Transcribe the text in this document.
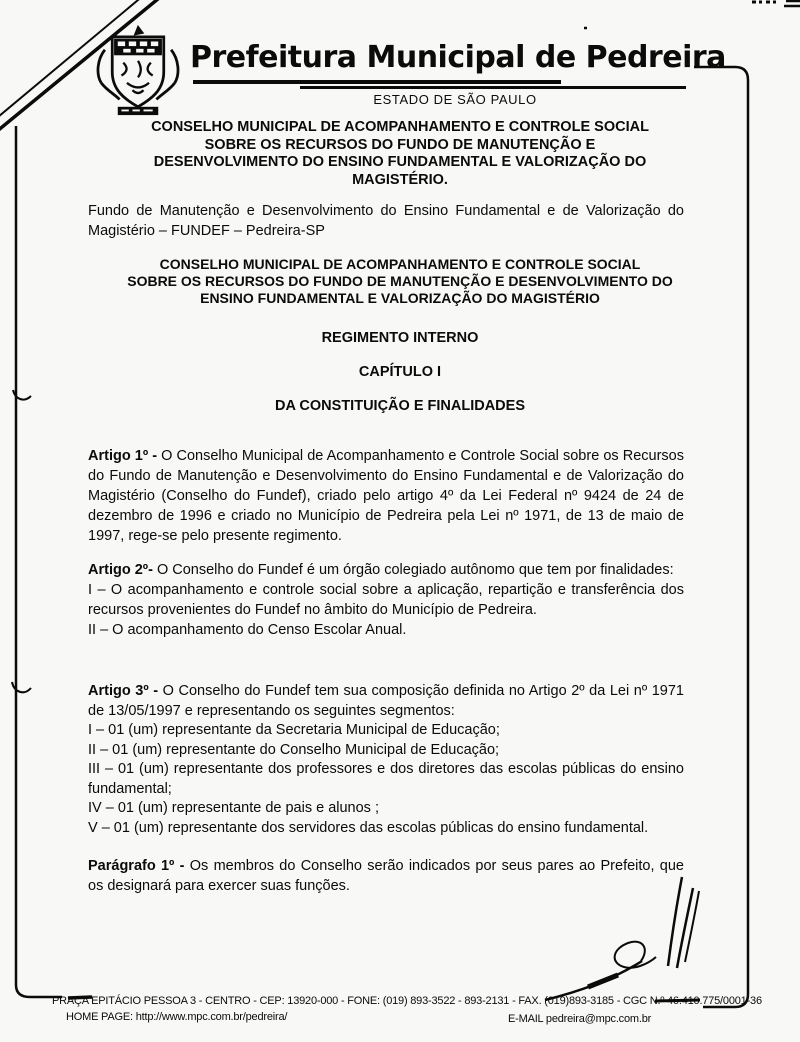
Prefeitura Municipal de Pedreira
ESTADO DE SÃO PAULO
CONSELHO MUNICIPAL DE ACOMPANHAMENTO E CONTROLE SOCIAL
SOBRE OS RECURSOS DO FUNDO DE MANUTENÇÃO E
DESENVOLVIMENTO DO ENSINO FUNDAMENTAL E VALORIZAÇÃO DO
MAGISTÉRIO.
Fundo de Manutenção e Desenvolvimento do Ensino Fundamental e de Valorização do Magistério – FUNDEF – Pedreira-SP
CONSELHO MUNICIPAL DE ACOMPANHAMENTO E CONTROLE SOCIAL
SOBRE OS RECURSOS DO FUNDO DE MANUTENÇÃO E DESENVOLVIMENTO DO
ENSINO FUNDAMENTAL E VALORIZAÇÃO DO MAGISTÉRIO
REGIMENTO INTERNO
CAPÍTULO I
DA CONSTITUIÇÃO E FINALIDADES
Artigo 1º - O Conselho Municipal de Acompanhamento e Controle Social sobre os Recursos do Fundo de Manutenção e Desenvolvimento do Ensino Fundamental e de Valorização do Magistério (Conselho do Fundef), criado pelo artigo 4º da Lei Federal nº 9424 de 24 de dezembro de 1996 e criado no Município de Pedreira pela Lei nº 1971, de 13 de maio de 1997, rege-se pelo presente regimento.
Artigo 2º- O Conselho do Fundef é um órgão colegiado autônomo que tem por finalidades:
I – O acompanhamento e controle social sobre a aplicação, repartição e transferência dos recursos provenientes do Fundef no âmbito do Município de Pedreira.
II – O acompanhamento do Censo Escolar Anual.
Artigo 3º - O Conselho do Fundef tem sua composição definida no Artigo 2º da Lei nº 1971 de 13/05/1997 e representando os seguintes segmentos:
I – 01 (um) representante da Secretaria Municipal de Educação;
II – 01 (um) representante do Conselho Municipal de Educação;
III – 01 (um) representante dos professores e dos diretores das escolas públicas do ensino fundamental;
IV – 01 (um) representante de pais e alunos ;
V – 01 (um) representante dos servidores das escolas públicas do ensino fundamental.
Parágrafo 1º - Os membros do Conselho serão indicados por seus pares ao Prefeito, que os designará para exercer suas funções.
PRAÇA EPITÁCIO PESSOA 3 - CENTRO - CEP: 13920-000 - FONE: (019) 893-3522 - 893-2131 - FAX. (019)893-3185 - CGC N.º 46.410.775/0001-36
HOME PAGE: http://www.mpc.com.br/pedreira/	E-MAIL pedreira@mpc.com.br
